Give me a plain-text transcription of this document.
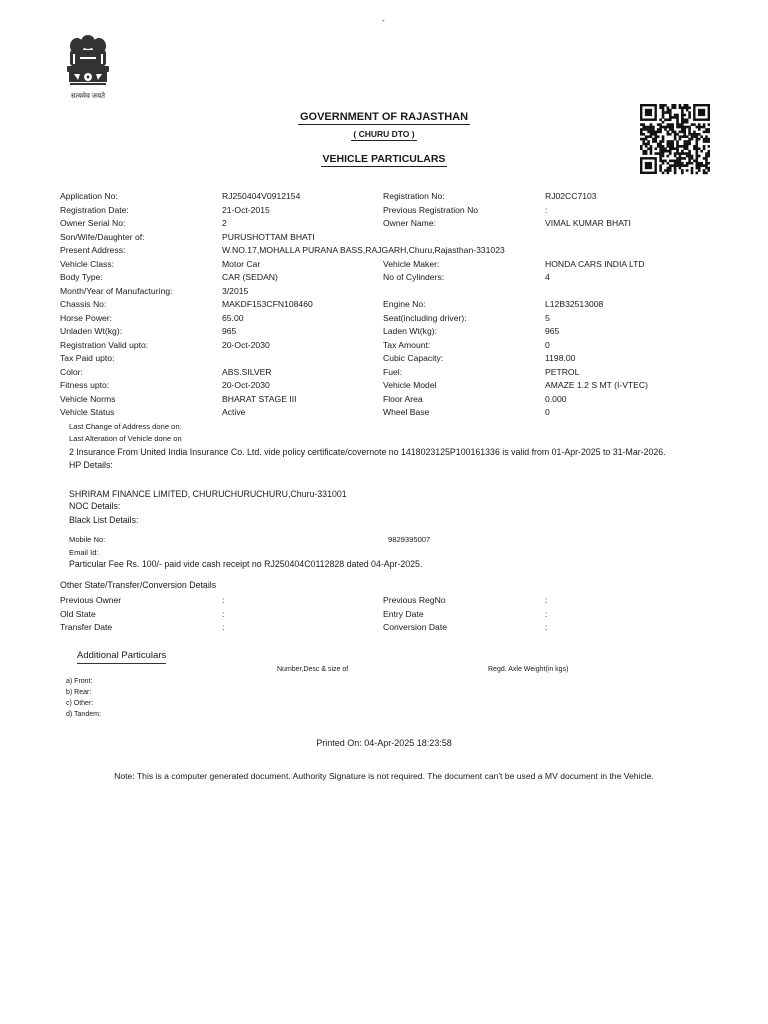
-
सत्यमेव जयते
GOVERNMENT OF RAJASTHAN
( CHURU DTO )
VEHICLE PARTICULARS
Application No:	RJ250404V0912154	Registration No:	RJ02CC7103
Registration Date:	21-Oct-2015	Previous Registration No	:
Owner Serial No:	2	Owner Name:	VIMAL KUMAR BHATI
Son/Wife/Daughter of:	PURUSHOTTAM BHATI
Present Address:	W.NO.17,MOHALLA PURANA BASS,RAJGARH,Churu,Rajasthan-331023
Vehicle Class:	Motor Car	Vehicle Maker:	HONDA CARS INDIA LTD
Body Type:	CAR (SEDAN)	No of Cylinders:	4
Month/Year of Manufacturing:	3/2015
Chassis No:	MAKDF153CFN108460	Engine No:	L12B32513008
Horse Power:	65.00	Seat(including driver):	5
Unladen Wt(kg):	965	Laden Wt(kg):	965
Registration Valid upto:	20-Oct-2030	Tax Amount:	0
Tax Paid upto:	Cubic Capacity:	1198.00
Color:	ABS.SILVER	Fuel:	PETROL
Fitness upto:	20-Oct-2030	Vehicle Model	AMAZE 1.2 S MT (I-VTEC)
Vehicle Norms	BHARAT STAGE III	Floor Area	0.000
Vehicle Status	Active	Wheel Base	0
Last Change of Address done on:
Last Alteration of Vehicle done on
2 Insurance From United India Insurance Co. Ltd. vide policy certificate/covernote no 1418023125P100161336 is valid from 01-Apr-2025 to 31-Mar-2026.
HP Details:
SHRIRAM FINANCE LIMITED, CHURUCHURUCHURU,Churu-331001
NOC Details:
Black List Details:
Mobile No:	9829395007
Email Id:
Particular Fee Rs. 100/- paid vide cash receipt no RJ250404C0112828 dated 04-Apr-2025.
Other State/Transfer/Conversion Details
Previous Owner	:	Previous RegNo	:
Old State	:	Entry Date	:
Transfer Date	:	Conversion Date	:
Additional Particulars
Number,Desc & size of	Regd. Axle Weight(in kgs)
a) Front:
b) Rear:
c) Other:
d) Tandem:
Printed On: 04-Apr-2025 18:23:58
Note: This is a computer generated document. Authority Signature is not required. The document can't be used a MV document in the Vehicle.
